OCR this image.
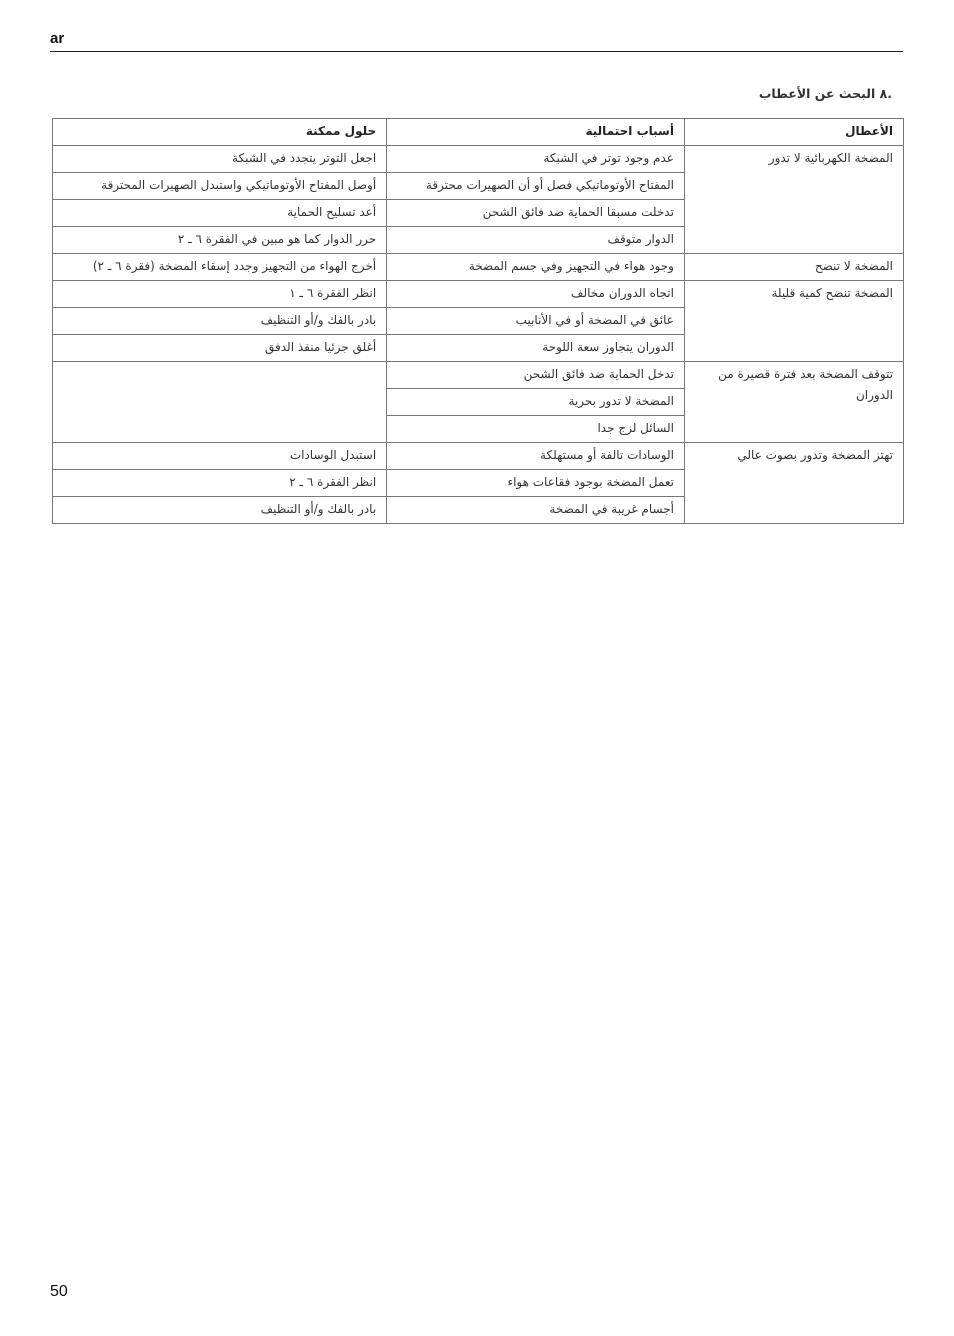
ar
.٨ البحث عن الأعطاب
الأعطال	أسباب احتمالية	حلول ممكنة
المضخة الكهربائية لا تدور	عدم وجود توتر في الشبكة	اجعل التوتر يتجدد في الشبكة
	المفتاح الأوتوماتيكي فصل أو أن الصهيرات محترقة	أوصل المفتاح الأوتوماتيكي واستبدل الصهيرات المحترقة
	تدخلت مسبقا الحماية ضد فائق الشحن	أعد تسليح الحماية
	الدوار متوقف	حرر الدوار كما هو مبين في الفقرة ٦ ـ ٢
المضخة لا تنضح	وجود هواء في التجهيز وفي جسم المضخة	أخرج الهواء من التجهيز وجدد إسقاء المضخة (فقرة ٦ ـ ٢)
المضخة تنضح كمية قليلة	اتجاه الدوران مخالف	انظر الفقرة ٦ ـ ١
	عائق في المضخة أو في الأنابيب	بادر بالفك و/أو التنظيف
	الدوران يتجاوز سعة اللوحة	أغلق جزئيا منفذ الدفق
تتوقف المضخة بعد فترة قصيرة من الدوران	تدخل الحماية ضد فائق الشحن	
	المضخة لا تدور بحرية	
	السائل لزج جدا	
تهتز المضخة وتدور بصوت عالي	الوسادات تالفة أو مستهلكة	استبدل الوسادات
	تعمل المضخة بوجود فقاعات هواء	انظر الفقرة ٦ ـ ٢
	أجسام غريبة في المضخة	بادر بالفك و/أو التنظيف
50
